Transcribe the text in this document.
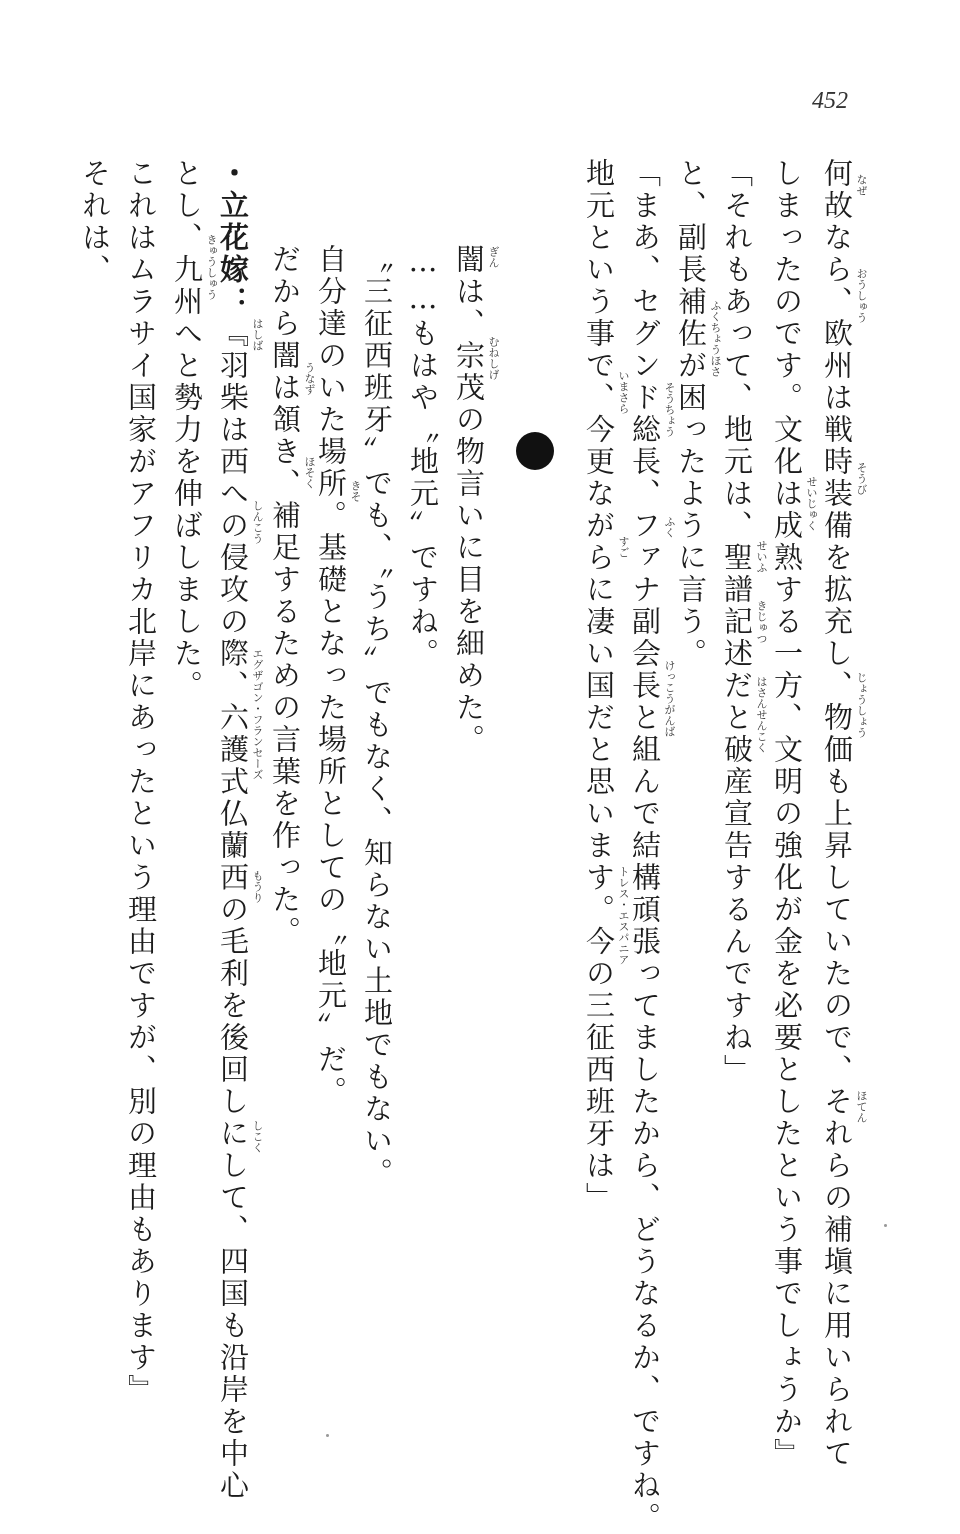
452
何故なら、欧州は戦時装備を拡充し、物価も上昇していたので、それらの補塡に用いられて
しまったのです。文化は成熟する一方、文明の強化が金を必要としたという事でしょうか』
「それもあって、地元は、聖譜記述だと破産宣告するんですね」
と、副長補佐が困ったように言う。
「まあ、セグンド総長、ファナ副会長と組んで結構頑張ってましたから、どうなるか、ですね。
地元という事で、今更ながらに凄い国だと思います。今の三征西班牙は」
闇は、宗茂の物言いに目を細めた。
……もはや〝地元〟ですね。
〝三征西班牙〟でも、〝うち〟でもなく、知らない土地でもない。
自分達のいた場所。基礎となった場所としての〝地元〟だ。
だから闇は頷き、補足するための言葉を作った。
・立花嫁：『羽柴は西への侵攻の際、六護式仏蘭西の毛利を後回しにして、四国も沿岸を中心
とし、九州へと勢力を伸ばしました。
これはムラサイ国家がアフリカ北岸にあったという理由ですが、別の理由もあります』
それは、	なぜ
おうしゅう
そうび
じょうしょう
ほてん
せいじゅく
せいふ
きじゅつ
はさんせんこく
ふくちょうほさ
そうちょう
ふく
けっこうがんば
いまさら
すご
トレス・エスパニア
ぎん
むねしげ
きそ
うなず
ほそく
はしば
しんこう
エグザゴン・フランセーズ
もうり
しこく
きゅうしゅう
